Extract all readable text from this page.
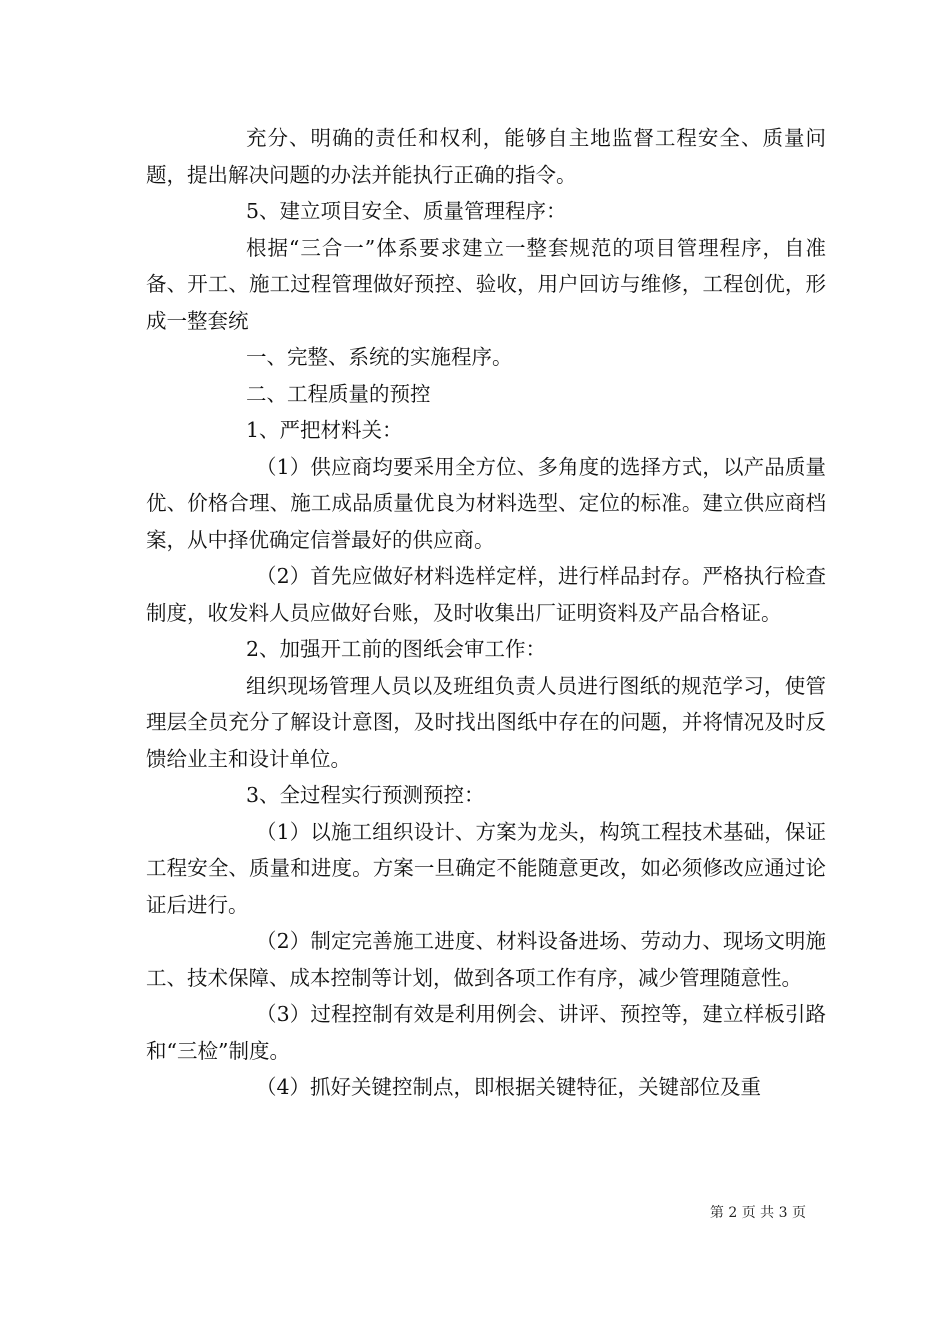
充分、明确的责任和权利，能够自主地监督工程安全、质量问题，提出解决问题的办法并能执行正确的指令。

5、建立项目安全、质量管理程序：

根据“三合一”体系要求建立一整套规范的项目管理程序，自准备、开工、施工过程管理做好预控、验收，用户回访与维修，工程创优，形成一整套统

一、完整、系统的实施程序。

二、工程质量的预控

1、严把材料关：

（1）供应商均要采用全方位、多角度的选择方式，以产品质量优、价格合理、施工成品质量优良为材料选型、定位的标准。建立供应商档案，从中择优确定信誉最好的供应商。

（2）首先应做好材料选样定样，进行样品封存。严格执行检查制度，收发料人员应做好台账，及时收集出厂证明资料及产品合格证。

2、加强开工前的图纸会审工作：

组织现场管理人员以及班组负责人员进行图纸的规范学习，使管理层全员充分了解设计意图，及时找出图纸中存在的问题，并将情况及时反馈给业主和设计单位。

3、全过程实行预测预控：

（1）以施工组织设计、方案为龙头，构筑工程技术基础，保证工程安全、质量和进度。方案一旦确定不能随意更改，如必须修改应通过论证后进行。

（2）制定完善施工进度、材料设备进场、劳动力、现场文明施工、技术保障、成本控制等计划，做到各项工作有序，减少管理随意性。

（3）过程控制有效是利用例会、讲评、预控等，建立样板引路和“三检”制度。

（4）抓好关键控制点，即根据关键特征，关键部位及重

第 2 页 共 3 页
